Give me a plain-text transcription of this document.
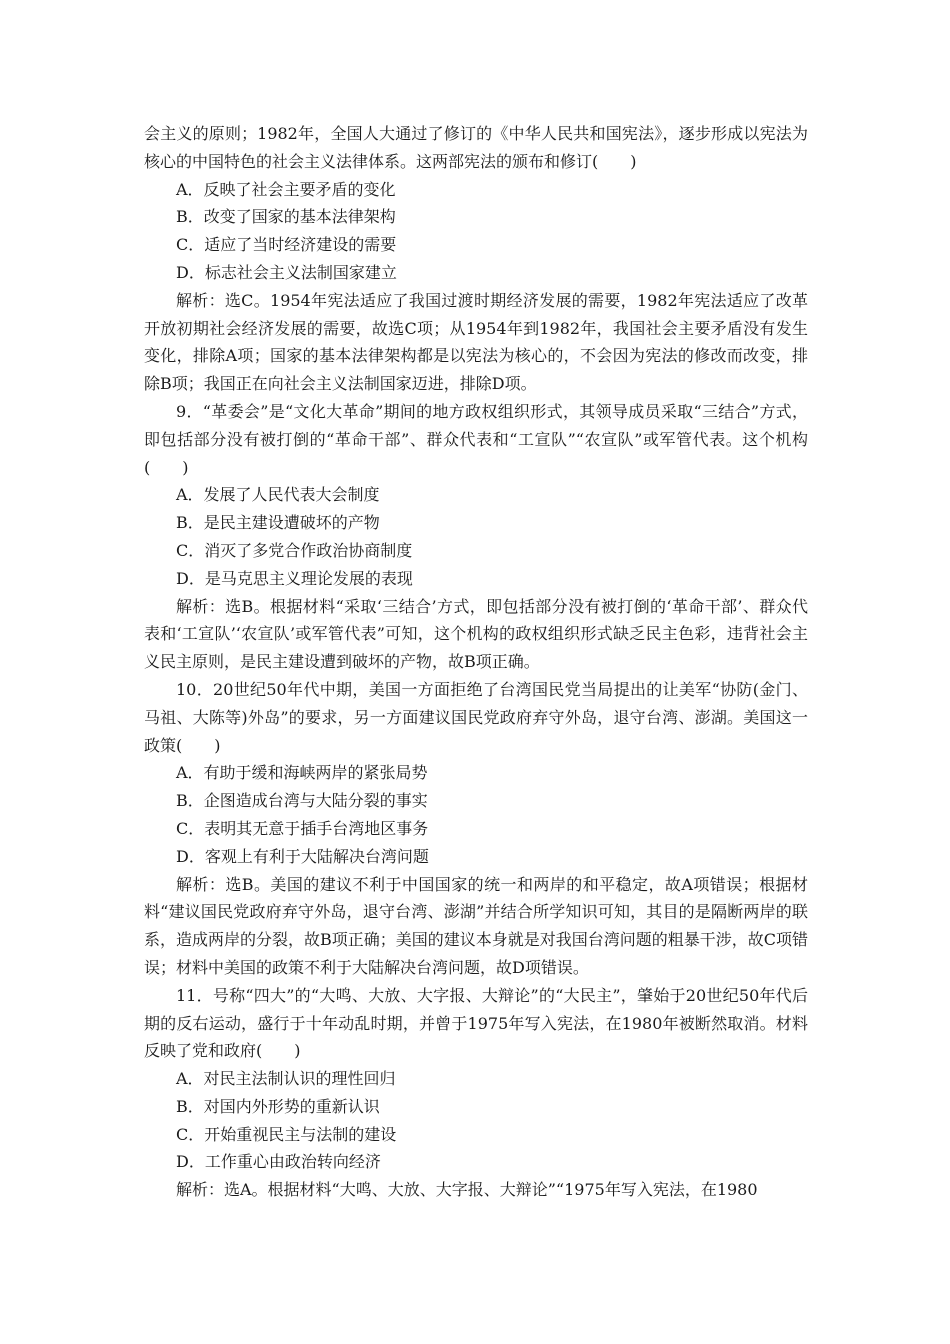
会主义的原则；1982年，全国人大通过了修订的《中华人民共和国宪法》，逐步形成以宪法为核心的中国特色的社会主义法律体系。这两部宪法的颁布和修订(　　)

A．反映了社会主要矛盾的变化

B．改变了国家的基本法律架构

C．适应了当时经济建设的需要

D．标志社会主义法制国家建立

解析：选C。1954年宪法适应了我国过渡时期经济发展的需要，1982年宪法适应了改革开放初期社会经济发展的需要，故选C项；从1954年到1982年，我国社会主要矛盾没有发生变化，排除A项；国家的基本法律架构都是以宪法为核心的，不会因为宪法的修改而改变，排除B项；我国正在向社会主义法制国家迈进，排除D项。

9．“革委会”是“文化大革命”期间的地方政权组织形式，其领导成员采取“三结合”方式，即包括部分没有被打倒的“革命干部”、群众代表和“工宣队”“农宣队”或军管代表。这个机构(　　)

A．发展了人民代表大会制度

B．是民主建设遭破坏的产物

C．消灭了多党合作政治协商制度

D．是马克思主义理论发展的表现

解析：选B。根据材料“采取‘三结合’方式，即包括部分没有被打倒的‘革命干部’、群众代表和‘工宣队’‘农宣队’或军管代表”可知，这个机构的政权组织形式缺乏民主色彩，违背社会主义民主原则，是民主建设遭到破坏的产物，故B项正确。

10．20世纪50年代中期，美国一方面拒绝了台湾国民党当局提出的让美军“协防(金门、马祖、大陈等)外岛”的要求，另一方面建议国民党政府弃守外岛，退守台湾、澎湖。美国这一政策(　　)

A．有助于缓和海峡两岸的紧张局势

B．企图造成台湾与大陆分裂的事实

C．表明其无意于插手台湾地区事务

D．客观上有利于大陆解决台湾问题

解析：选B。美国的建议不利于中国国家的统一和两岸的和平稳定，故A项错误；根据材料“建议国民党政府弃守外岛，退守台湾、澎湖”并结合所学知识可知，其目的是隔断两岸的联系，造成两岸的分裂，故B项正确；美国的建议本身就是对我国台湾问题的粗暴干涉，故C项错误；材料中美国的政策不利于大陆解决台湾问题，故D项错误。

11．号称“四大”的“大鸣、大放、大字报、大辩论”的“大民主”，肇始于20世纪50年代后期的反右运动，盛行于十年动乱时期，并曾于1975年写入宪法，在1980年被断然取消。材料反映了党和政府(　　)

A．对民主法制认识的理性回归

B．对国内外形势的重新认识

C．开始重视民主与法制的建设

D．工作重心由政治转向经济

解析：选A。根据材料“大鸣、大放、大字报、大辩论”“1975年写入宪法，在1980
